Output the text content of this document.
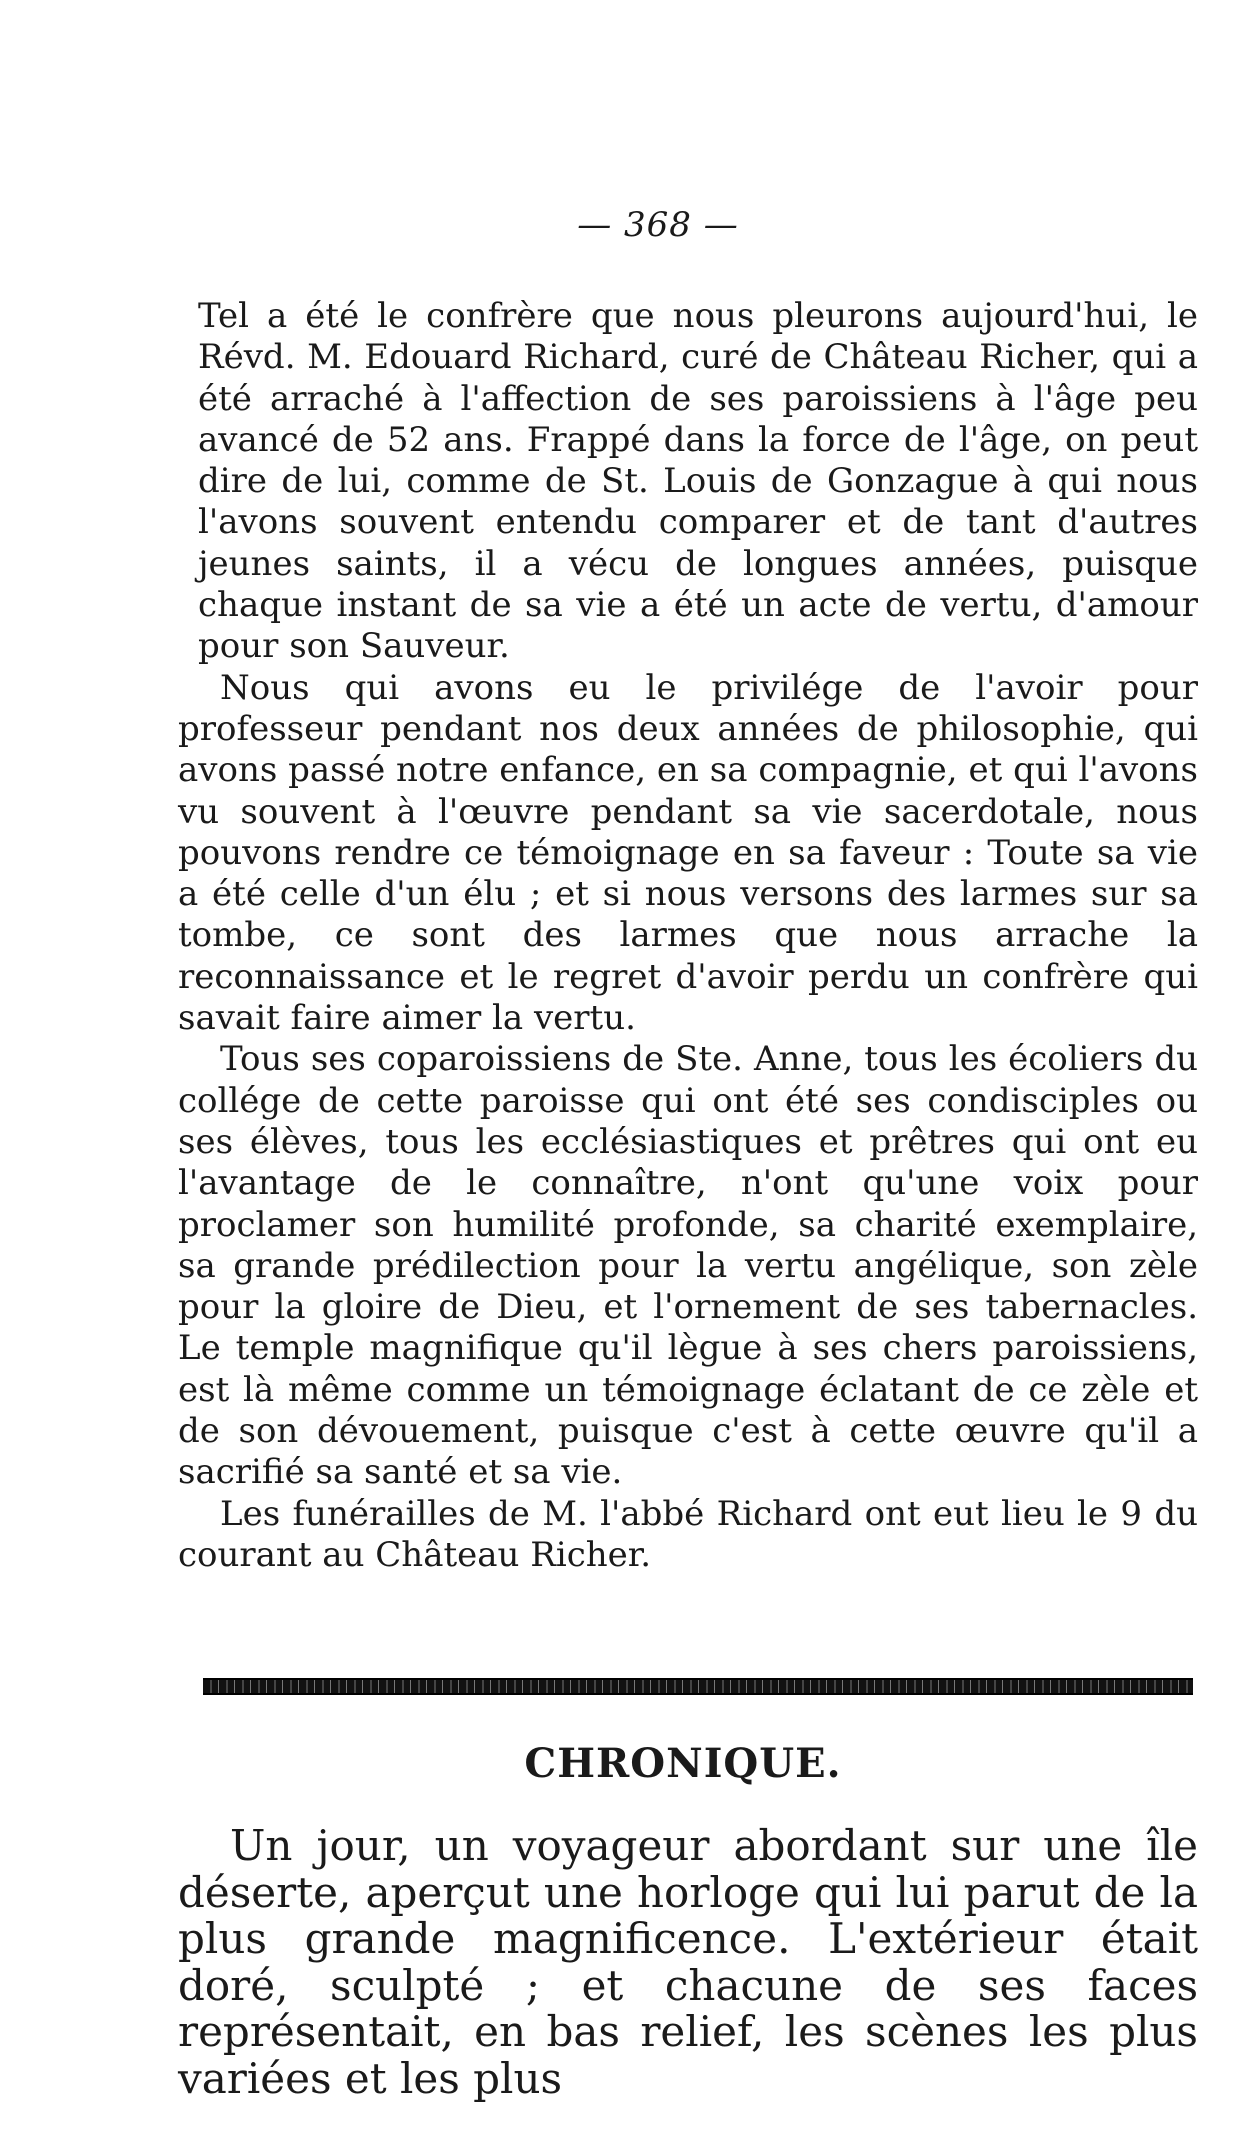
— 368 —

Tel a été le confrère que nous pleurons aujourd'hui, le Révd. M. Edouard Richard, curé de Château Richer, qui a été arraché à l'affection de ses paroissiens à l'âge peu avancé de 52 ans. Frappé dans la force de l'âge, on peut dire de lui, comme de St. Louis de Gonzague à qui nous l'avons souvent entendu comparer et de tant d'autres jeunes saints, il a vécu de longues années, puisque chaque instant de sa vie a été un acte de vertu, d'amour pour son Sauveur.

Nous qui avons eu le privilége de l'avoir pour professeur pendant nos deux années de philosophie, qui avons passé notre enfance, en sa compagnie, et qui l'avons vu souvent à l'œuvre pendant sa vie sacerdotale, nous pouvons rendre ce témoignage en sa faveur : Toute sa vie a été celle d'un élu ; et si nous versons des larmes sur sa tombe, ce sont des larmes que nous arrache la reconnaissance et le regret d'avoir perdu un confrère qui savait faire aimer la vertu.

Tous ses coparoissiens de Ste. Anne, tous les écoliers du collége de cette paroisse qui ont été ses condisciples ou ses élèves, tous les ecclésiastiques et prêtres qui ont eu l'avantage de le connaître, n'ont qu'une voix pour proclamer son humilité profonde, sa charité exemplaire, sa grande prédilection pour la vertu angélique, son zèle pour la gloire de Dieu, et l'ornement de ses tabernacles. Le temple magnifique qu'il lègue à ses chers paroissiens, est là même comme un témoignage éclatant de ce zèle et de son dévouement, puisque c'est à cette œuvre qu'il a sacrifié sa santé et sa vie.

Les funérailles de M. l'abbé Richard ont eut lieu le 9 du courant au Château Richer.

CHRONIQUE.

Un jour, un voyageur abordant sur une île déserte, aperçut une horloge qui lui parut de la plus grande magnificence. L'extérieur était doré, sculpté ; et chacune de ses faces représentait, en bas relief, les scènes les plus variées et les plus
